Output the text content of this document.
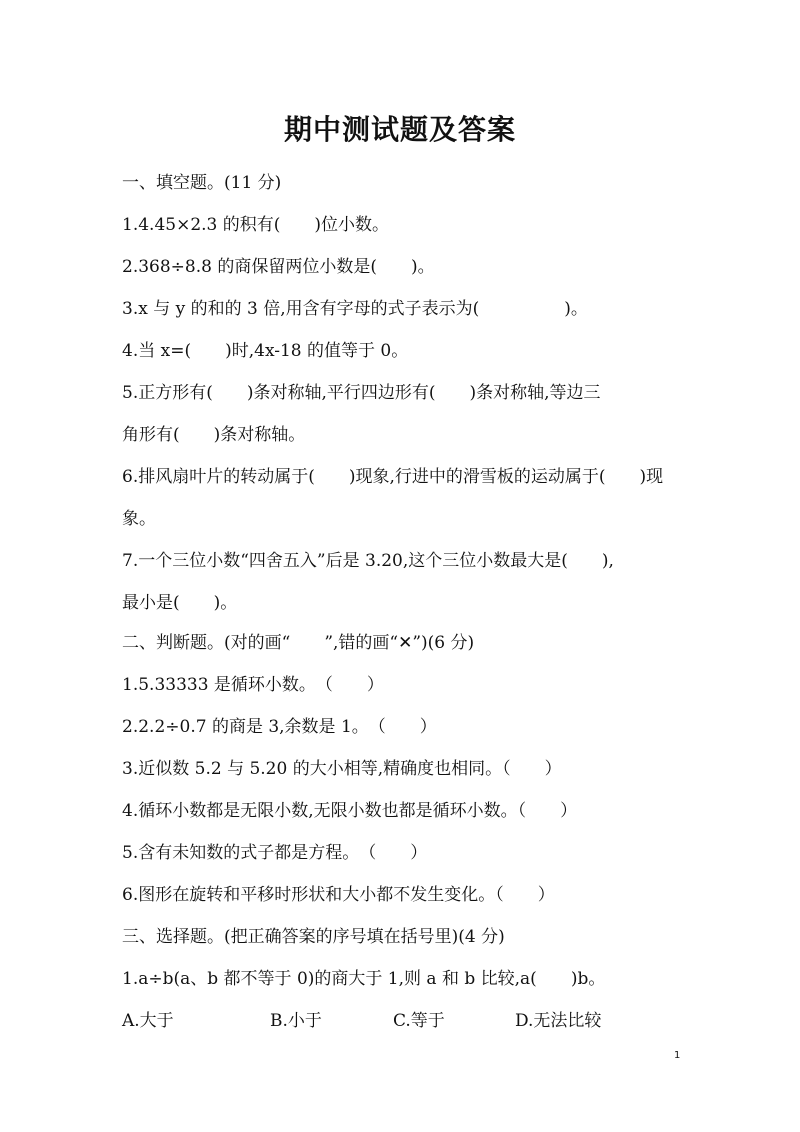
期中测试题及答案
一、填空题。(11 分)
1.4.45×2.3 的积有(　　)位小数。
2.368÷8.8 的商保留两位小数是(　　)。
3.x 与 y 的和的 3 倍,用含有字母的式子表示为(　　　　　)。
4.当 x=(　　)时,4x-18 的值等于 0。
5.正方形有(　　)条对称轴,平行四边形有(　　)条对称轴,等边三
角形有(　　)条对称轴。
6.排风扇叶片的转动属于(　　)现象,行进中的滑雪板的运动属于(　　)现
象。
7.一个三位小数“四舍五入”后是 3.20,这个三位小数最大是(　　),
最小是(　　)。
二、判断题。(对的画“　　”,错的画“✕”)(6 分)
1.5.33333 是循环小数。　（　　）
2.2.2÷0.7 的商是 3,余数是 1。　（　　）
3.近似数 5.2 与 5.20 的大小相等,精确度也相同。（　　）
4.循环小数都是无限小数,无限小数也都是循环小数。（　　）
5.含有未知数的式子都是方程。　（　　）
6.图形在旋转和平移时形状和大小都不发生变化。（　　）
三、选择题。(把正确答案的序号填在括号里)(4 分)
1.a÷b(a、b 都不等于 0)的商大于 1,则 a 和 b 比较,a(　　)b。
A.大于	B.小于	C.等于	D.无法比较
1
